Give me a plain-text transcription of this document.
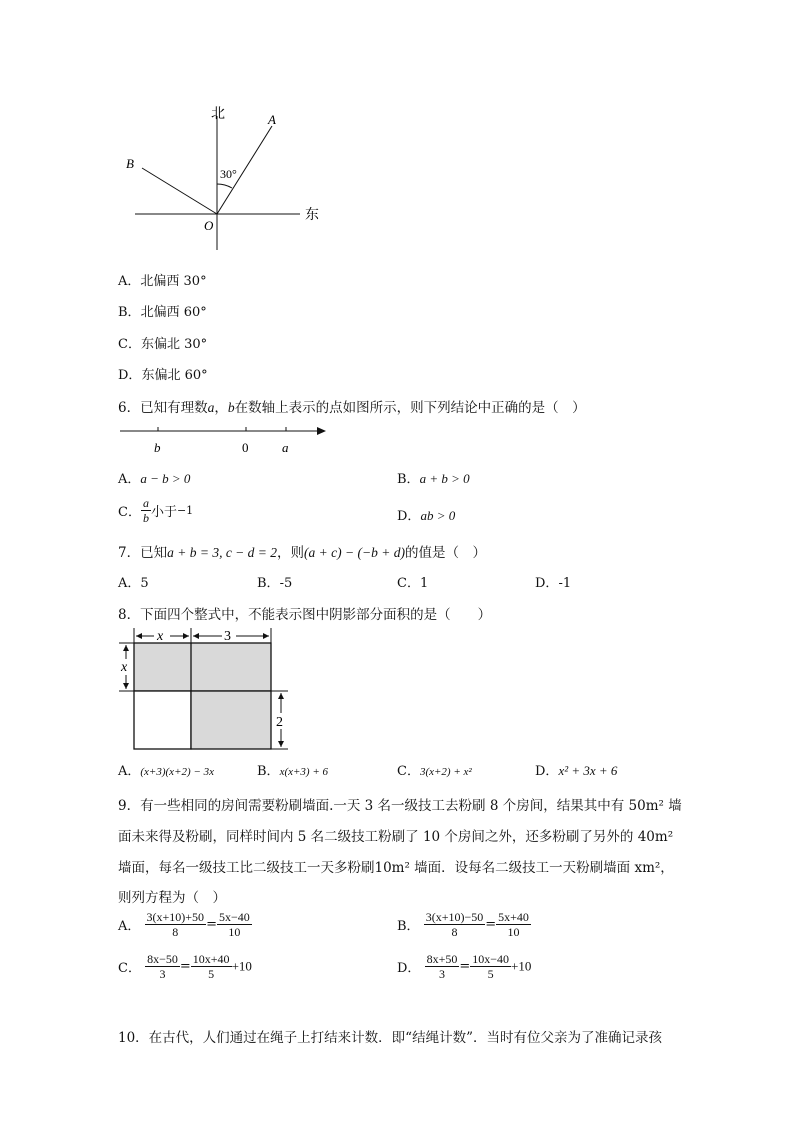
北
东
A
B
O
30°
A．北偏西 30°
B．北偏西 60°
C．东偏北 30°
D．东偏北 60°
6．已知有理数a，b在数轴上表示的点如图所示，则下列结论中正确的是（　）
b	0	a
A．a − b > 0	B．a + b > 0
C． $\frac{a}{b}$ 小于−1	D．ab > 0
7．已知a + b = 3, c − d = 2，则(a + c) − (−b + d)的值是（　）
A．5	B．-5	C．1	D．-1
8．下面四个整式中，不能表示图中阴影部分面积的是（　　）
x	3
x
2
A．(x+3)(x+2) − 3x	B．x(x+3) + 6	C．3(x+2) + x²	D．x² + 3x + 6
9．有一些相同的房间需要粉刷墙面.一天 3 名一级技工去粉刷 8 个房间，结果其中有 50m² 墙
面未来得及粉刷，同样时间内 5 名二级技工粉刷了 10 个房间之外，还多粉刷了另外的 40m²
墙面，每名一级技工比二级技工一天多粉刷10m² 墙面．设每名二级技工一天粉刷墙面 xm²，
则列方程为（　）
A． $\frac{3(x+10)+50}{8} = \frac{5x-40}{10}$	B． $\frac{3(x+10)-50}{8} = \frac{5x+40}{10}$
C． $\frac{8x-50}{3} = \frac{10x+40}{5} +10$	D． $\frac{8x+50}{3} = \frac{10x-40}{5} +10$
10．在古代，人们通过在绳子上打结来计数．即“结绳计数”．当时有位父亲为了准确记录孩
